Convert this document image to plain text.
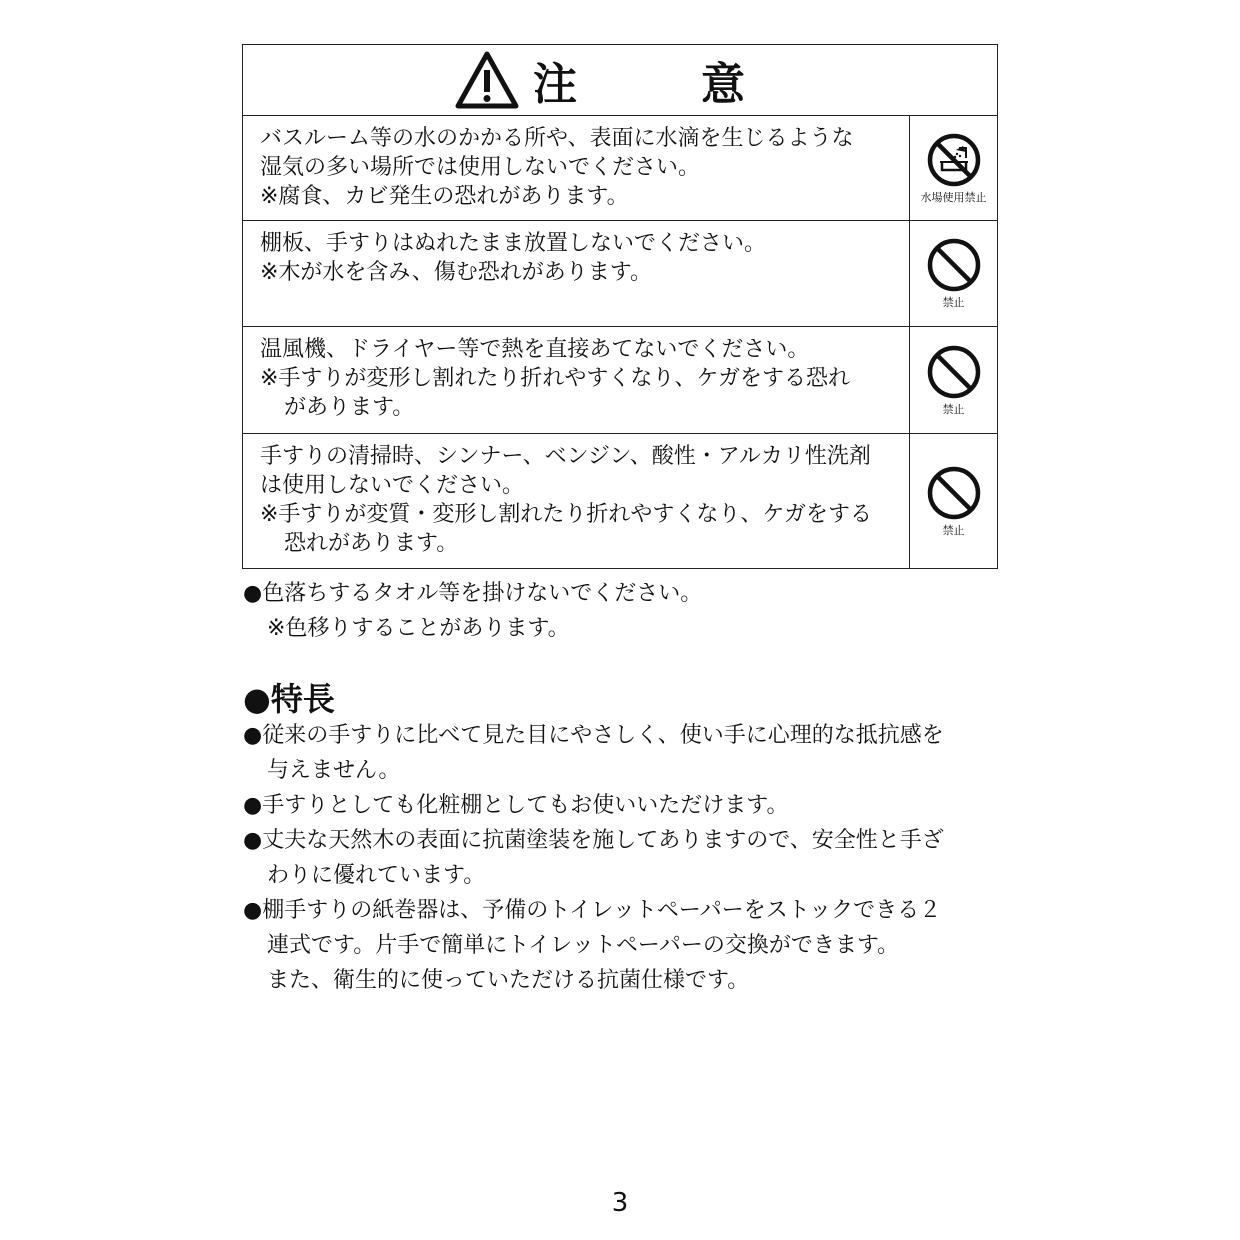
注　意
バスルーム等の水のかかる所や、表面に水滴を生じるような
湿気の多い場所では使用しないでください。
※腐食、カビ発生の恐れがあります。	水場使用禁止
棚板、手すりはぬれたまま放置しないでください。
※木が水を含み、傷む恐れがあります。
禁止
温風機、ドライヤー等で熱を直接あてないでください。
※手すりが変形し割れたり折れやすくなり、ケガをする恐れ
があります。	禁止
手すりの清掃時、シンナー、ベンジン、酸性・アルカリ性洗剤
は使用しないでください。
※手すりが変質・変形し割れたり折れやすくなり、ケガをする
恐れがあります。
禁止
●色落ちするタオル等を掛けないでください。
※色移りすることがあります。
●特長
●従来の手すりに比べて見た目にやさしく、使い手に心理的な抵抗感を
与えません。
●手すりとしても化粧棚としてもお使いいただけます。
●丈夫な天然木の表面に抗菌塗装を施してありますので、安全性と手ざ
わりに優れています。
●棚手すりの紙巻器は、予備のトイレットペーパーをストックできる２
連式です。片手で簡単にトイレットペーパーの交換ができます。
また、衛生的に使っていただける抗菌仕様です。
3
